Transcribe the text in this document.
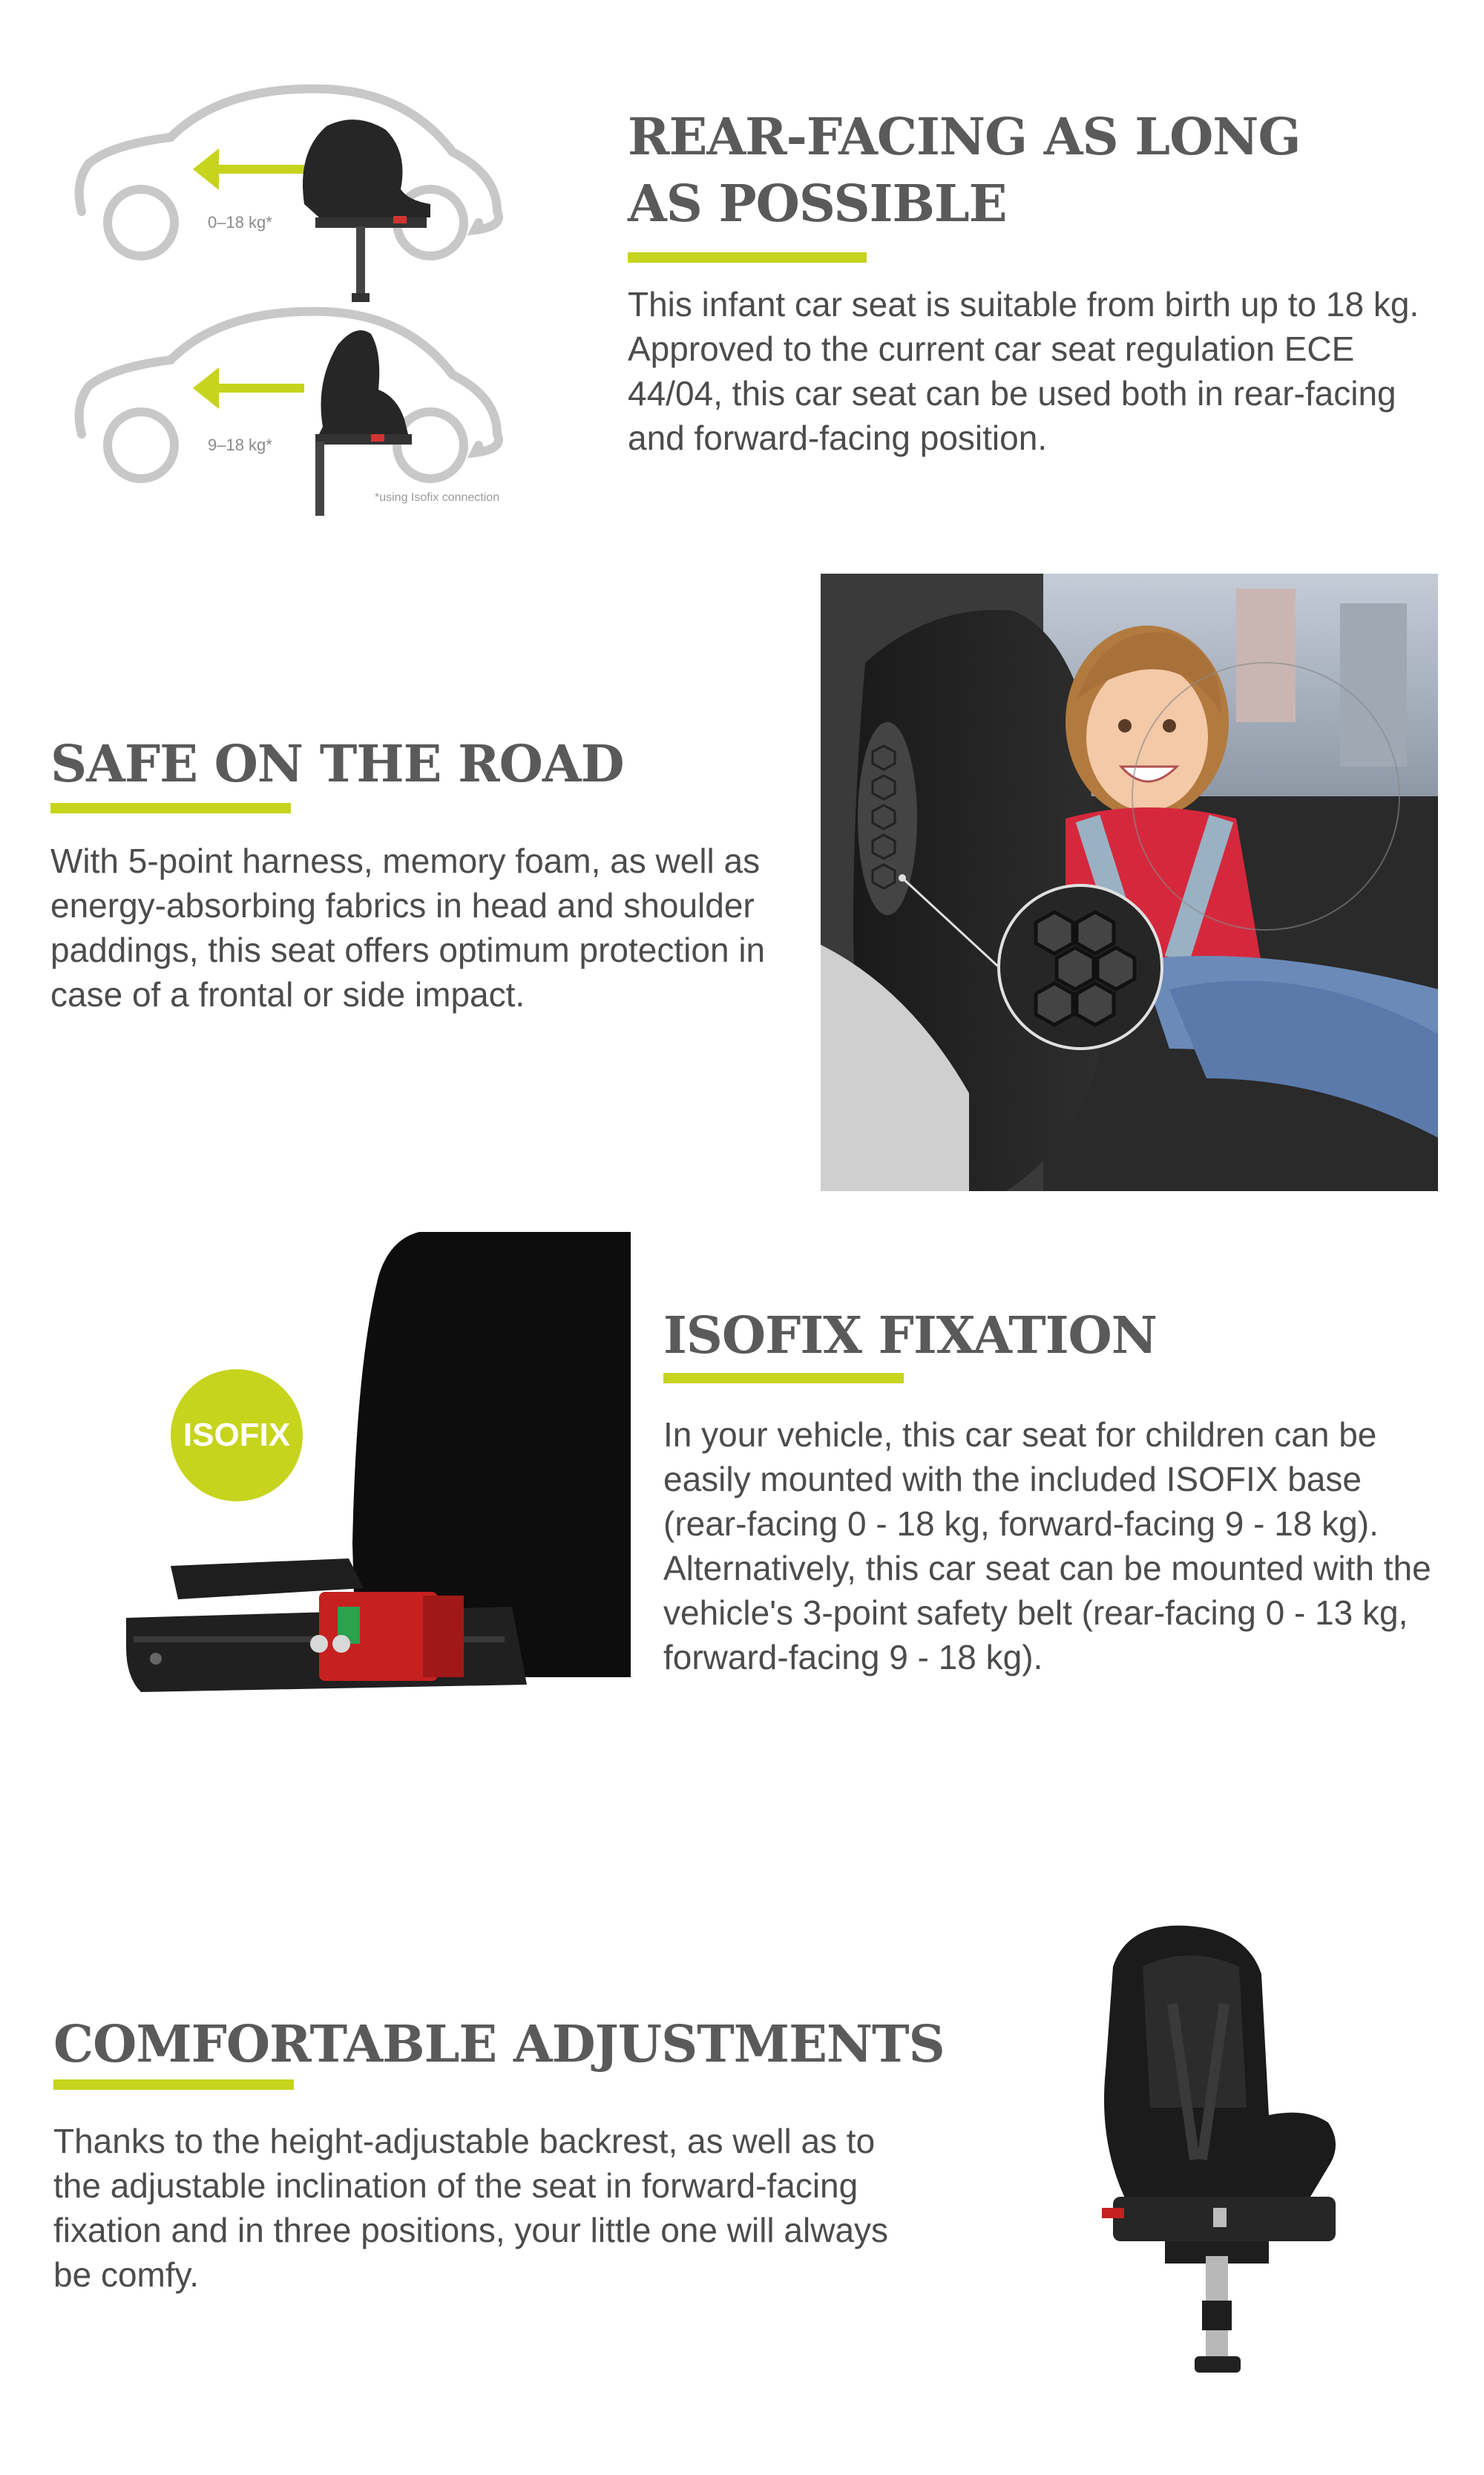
0–18 kg*
9–18 kg*
*using Isofix connection
REAR-FACING AS LONG
AS POSSIBLE

This infant car seat is suitable from birth up to 18 kg. Approved to the current car seat regulation ECE 44/04, this car seat can be used both in rear-facing and forward-facing position.

SAFE ON THE ROAD

With 5-point harness, memory foam, as well as energy-absorbing fabrics in head and shoulder paddings, this seat offers optimum protection in case of a frontal or side impact.

ISOFIX
ISOFIX FIXATION

In your vehicle, this car seat for children can be easily mounted with the included ISOFIX base (rear-facing 0 - 18 kg, forward-facing 9 - 18 kg). Alternatively, this car seat can be mounted with the vehicle's 3-point safety belt (rear-facing 0 - 13 kg, forward-facing 9 - 18 kg).

COMFORTABLE ADJUSTMENTS

Thanks to the height-adjustable backrest, as well as to the adjustable inclination of the seat in forward-facing fixation and in three positions, your little one will always be comfy.
